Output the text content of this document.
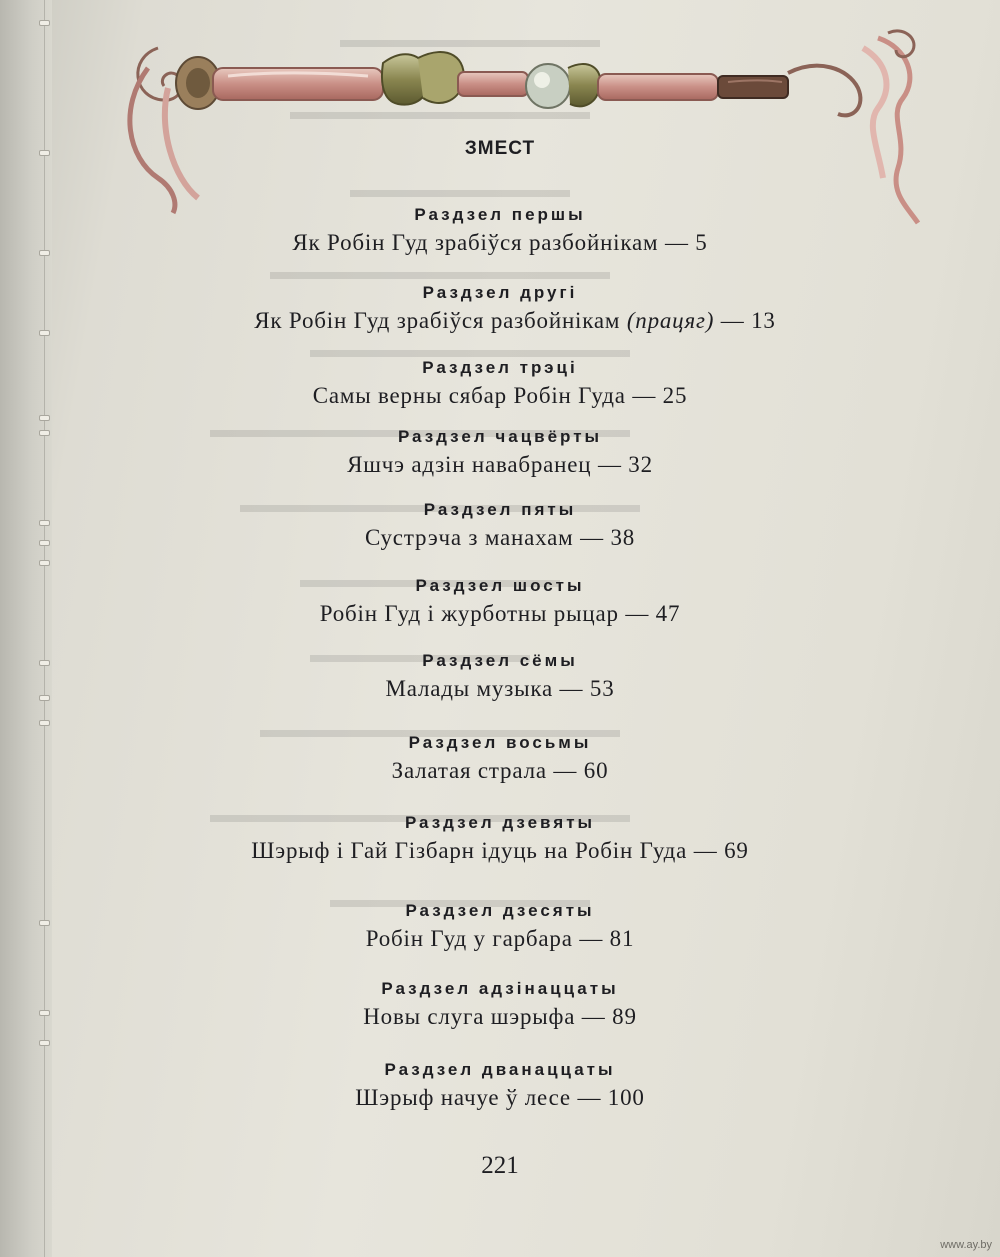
ЗМЕСТ
Раздзел першы
Як Робін Гуд зрабіўся разбойнікам — 5
Раздзел другі
Як Робін Гуд зрабіўся разбойнікам (працяг) — 13
Раздзел трэці
Самы верны сябар Робін Гуда — 25
Раздзел чацвёрты
Яшчэ адзін навабранец — 32
Раздзел пяты
Сустрэча з манахам — 38
Раздзел шосты
Робін Гуд і журботны рыцар — 47
Раздзел сёмы
Малады музыка — 53
Раздзел восьмы
Залатая страла — 60
Раздзел дзевяты
Шэрыф і Гай Гізбарн ідуць на Робін Гуда — 69
Раздзел дзесяты
Робін Гуд у гарбара — 81
Раздзел адзінаццаты
Новы слуга шэрыфа — 89
Раздзел дванаццаты
Шэрыф начуе ў лесе — 100
221
www.ay.by
